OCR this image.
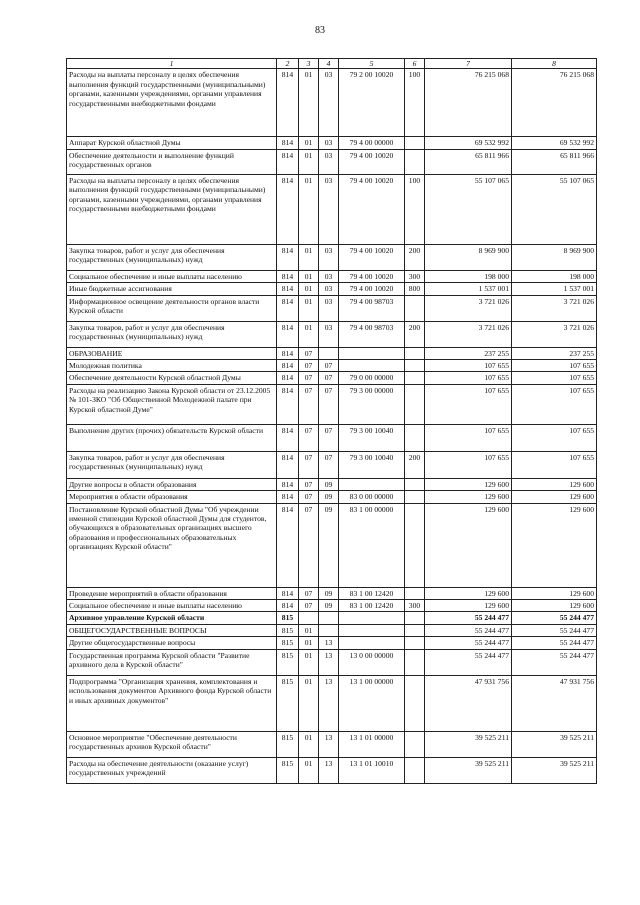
83
1	2	3	4	5	6	7	8
Расходы на выплаты персоналу в целях обеспечения выполнения функций государственными (муниципальными) органами, казенными учреждениями, органами управления государственными внебюджетными фондами	814	01	03	79 2 00 10020	100	76 215 068	76 215 068
Аппарат Курской областной Думы	814	01	03	79 4 00 00000		69 532 992	69 532 992
Обеспечение деятельности и выполнение функций государственных органов	814	01	03	79 4 00 10020		65 811 966	65 811 966
Расходы на выплаты персоналу в целях обеспечения выполнения функций государственными (муниципальными) органами, казенными учреждениями, органами управления государственными внебюджетными фондами	814	01	03	79 4 00 10020	100	55 107 065	55 107 065
Закупка товаров, работ и услуг для обеспечения государственных (муниципальных) нужд	814	01	03	79 4 00 10020	200	8 969 900	8 969 900
Социальное обеспечение и иные выплаты населению	814	01	03	79 4 00 10020	300	198 000	198 000
Иные бюджетные ассигнования	814	01	03	79 4 00 10020	800	1 537 001	1 537 001
Информационное освещение деятельности органов власти Курской области	814	01	03	79 4 00 98703		3 721 026	3 721 026
Закупка товаров, работ и услуг для обеспечения государственных (муниципальных) нужд	814	01	03	79 4 00 98703	200	3 721 026	3 721 026
ОБРАЗОВАНИЕ	814	07				237 255	237 255
Молодежная политика	814	07	07			107 655	107 655
Обеспечение деятельности Курской областной Думы	814	07	07	79 0 00 00000		107 655	107 655
Расходы на реализацию Закона Курской области от 23.12.2005 № 101-ЗКО "Об Общественной Молодежной палате при Курской областной Думе"	814	07	07	79 3 00 00000		107 655	107 655
Выполнение других (прочих) обязательств Курской области	814	07	07	79 3 00 10040		107 655	107 655
Закупка товаров, работ и услуг для обеспечения государственных (муниципальных) нужд	814	07	07	79 3 00 10040	200	107 655	107 655
Другие вопросы в области образования	814	07	09			129 600	129 600
Мероприятия в области образования	814	07	09	83 0 00 00000		129 600	129 600
Постановление Курской областной Думы "Об учреждении именной стипендии Курской областной Думы для студентов, обучающихся в образовательных организациях высшего образования и профессиональных образовательных организациях Курской области"	814	07	09	83 1 00 00000		129 600	129 600
Проведение мероприятий в области образования	814	07	09	83 1 00 12420		129 600	129 600
Социальное обеспечение и иные выплаты населению	814	07	09	83 1 00 12420	300	129 600	129 600
Архивное управление Курской области	815					55 244 477	55 244 477
ОБЩЕГОСУДАРСТВЕННЫЕ ВОПРОСЫ	815	01				55 244 477	55 244 477
Другие общегосударственные вопросы	815	01	13			55 244 477	55 244 477
Государственная программа Курской области "Развитие архивного дела в Курской области"	815	01	13	13 0 00 00000		55 244 477	55 244 477
Подпрограмма "Организация хранения, комплектования и использования документов Архивного фонда Курской области и иных архивных документов"	815	01	13	13 1 00 00000		47 931 756	47 931 756
Основное мероприятие "Обеспечение деятельности государственных архивов Курской области"	815	01	13	13 1 01 00000		39 525 211	39 525 211
Расходы на обеспечение деятельности (оказание услуг) государственных учреждений	815	01	13	13 1 01 10010		39 525 211	39 525 211
